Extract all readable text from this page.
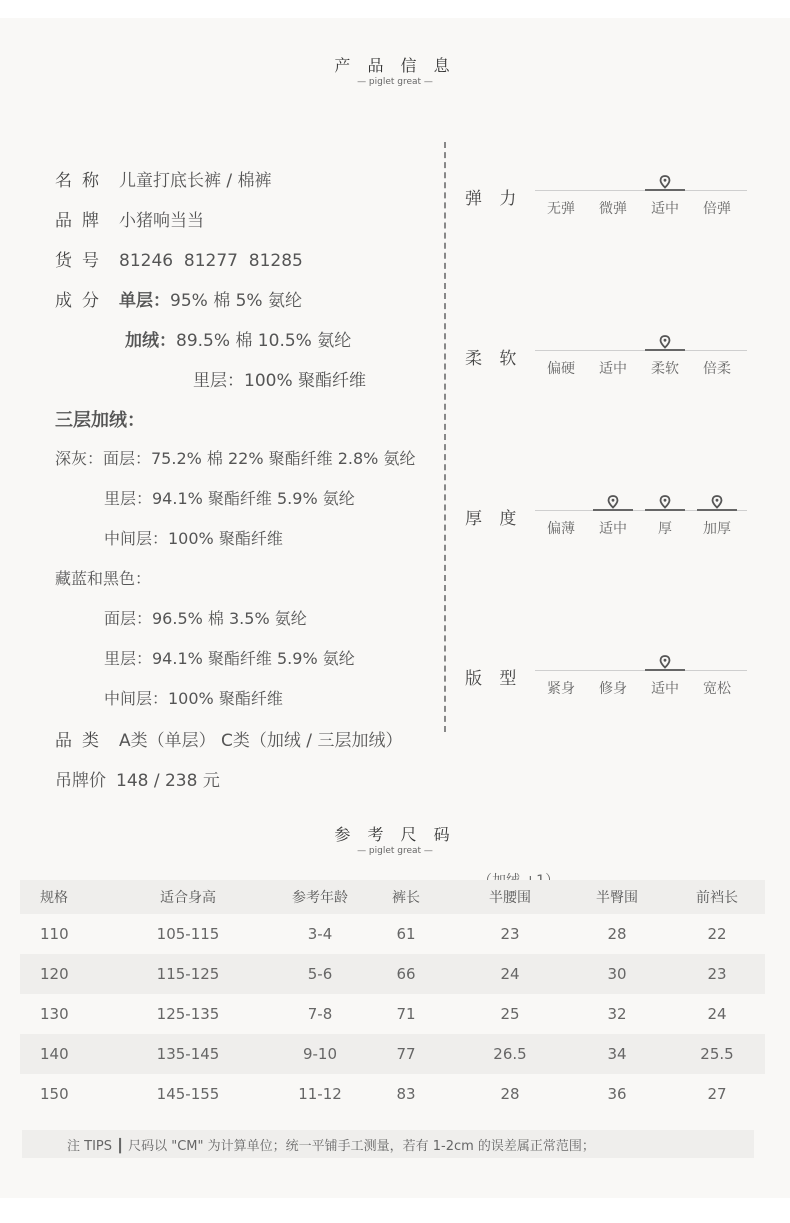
产 品 信 息
— piglet great —
名称 儿童打底长裤 / 棉裤
品牌 小猪响当当
货号 81246  81277  81285
成分 单层：95% 棉 5% 氨纶
加绒：89.5% 棉 10.5% 氨纶
里层：100% 聚酯纤维
三层加绒：
深灰：面层：75.2% 棉 22% 聚酯纤维 2.8% 氨纶
里层：94.1% 聚酯纤维 5.9% 氨纶
中间层：100% 聚酯纤维
藏蓝和黑色：
面层：96.5% 棉 3.5% 氨纶
里层：94.1% 聚酯纤维 5.9% 氨纶
中间层：100% 聚酯纤维
品类 A类（单层） C类（加绒 / 三层加绒）
吊牌价 148 / 238 元
弹 力	无弹	微弹	适中	倍弹
柔 软	偏硬	适中	柔软	倍柔
厚 度	偏薄	适中	厚	加厚
版 型	紧身	修身	适中	宽松
参 考 尺 码
— piglet great —
规格	适合身高	参考年龄	裤长	半腰围	半臀围	前裆长
110	105-115	3-4	61	23	28	22
120	115-125	5-6	66	24	30	23
130	125-135	7-8	71	25	32	24
140	135-145	9-10	77	26.5	34	25.5
150	145-155	11-12	83	28	36	27
注 TIPS ┃ 尺码以 "CM" 为计算单位；统一平铺手工测量，若有 1-2cm 的误差属正常范围；
